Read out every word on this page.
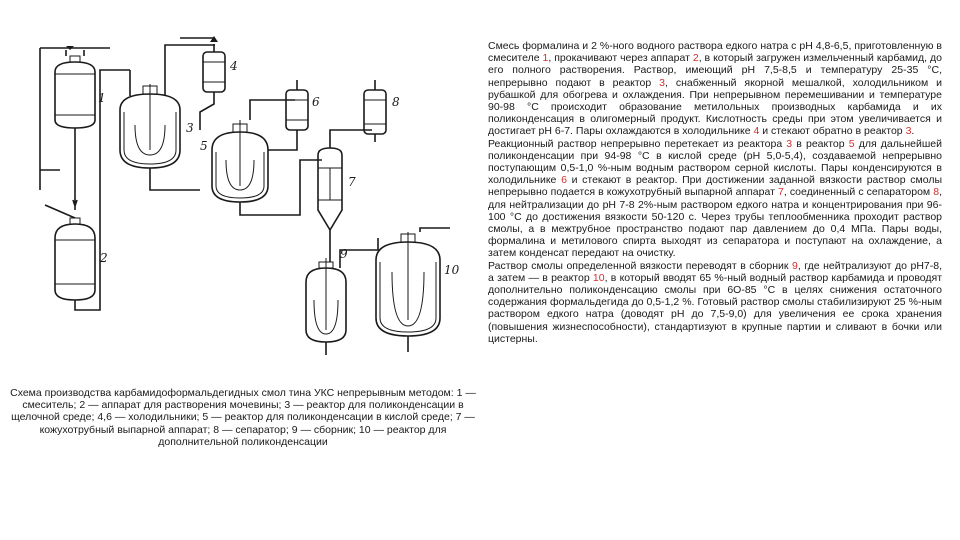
1
2
3
4
5
6
7
8
9
10
Схема производства карбамидоформальдегидных смол тина УКС непрерывным методом: 1 — смеситель; 2 — аппарат для растворения мочевины; 3 — реактор для поликонденсации в щелочной среде; 4,6 — холодильники; 5 — реактор для поликонденсации в кислой среде; 7 — кожухотрубный выпарной аппарат; 8 — сепаратор; 9 — сборник; 10 — реактор для дополнительной поликонденсации

Смесь формалина и 2 %-ного водного раствора едкого натра с рН 4,8-6,5, приготовленную в смесителе 1, прокачивают через аппарат 2, в который загружен измельченный карбамид, до его полного растворения. Раствор, имеющий рН 7,5-8,5 и температуру 25-35 °С, непрерывно подают в реактор 3, снабженный якорной мешалкой, холодильником и рубашкой для обогрева и охлаждения. При непрерывном перемешивании и температуре 90-98 °С происходит образование метилольных производных карбамида и их поликонденсация в олигомерный продукт. Кислотность среды при этом увеличивается и достигает рН 6-7. Пары охлаждаются в холодильнике 4 и стекают обратно в реактор 3.

Реакционный раствор непрерывно перетекает из реактора 3 в реактор 5 для дальнейшей поликонденсации при 94-98 °С в кислой среде (рН 5,0-5,4), создаваемой непрерывно поступающим 0,5-1,0 %-ным водным раствором серной кислоты. Пары конденсируются в холодильнике 6 и стекают в реактор. При достижении заданной вязкости раствор смолы непрерывно подается в кожухотрубный выпарной аппарат 7, соединенный с сепаратором 8, для нейтрализации до рН 7-8 2%-ным раствором едкого натра и концентрирования при 96-100 °С до достижения вязкости 50-120 с. Через трубы теплообменника проходит раствор смолы, а в межтрубное пространство подают пар давлением до 0,4 МПа. Пары воды, формалина и метилового спирта выходят из сепаратора и поступают на охлаждение, а затем конденсат передают на очистку.

Раствор смолы определенной вязкости переводят в сборник 9, где нейтрализуют до рН7-8, а затем — в реактор 10, в который вводят 65 %-ный водный раствор карбамида и проводят дополнительно поликонденсацию смолы при 6О-85 °С в целях снижения остаточного содержания формальдегида до 0,5-1,2 %. Готовый раствор смолы стабилизируют 25 %-ным раствором едкого натра (доводят рН до 7,5-9,0) для увеличения ее срока хранения (повышения жизнеспособности), стандартизуют в крупные партии и сливают в бочки или цистерны.
